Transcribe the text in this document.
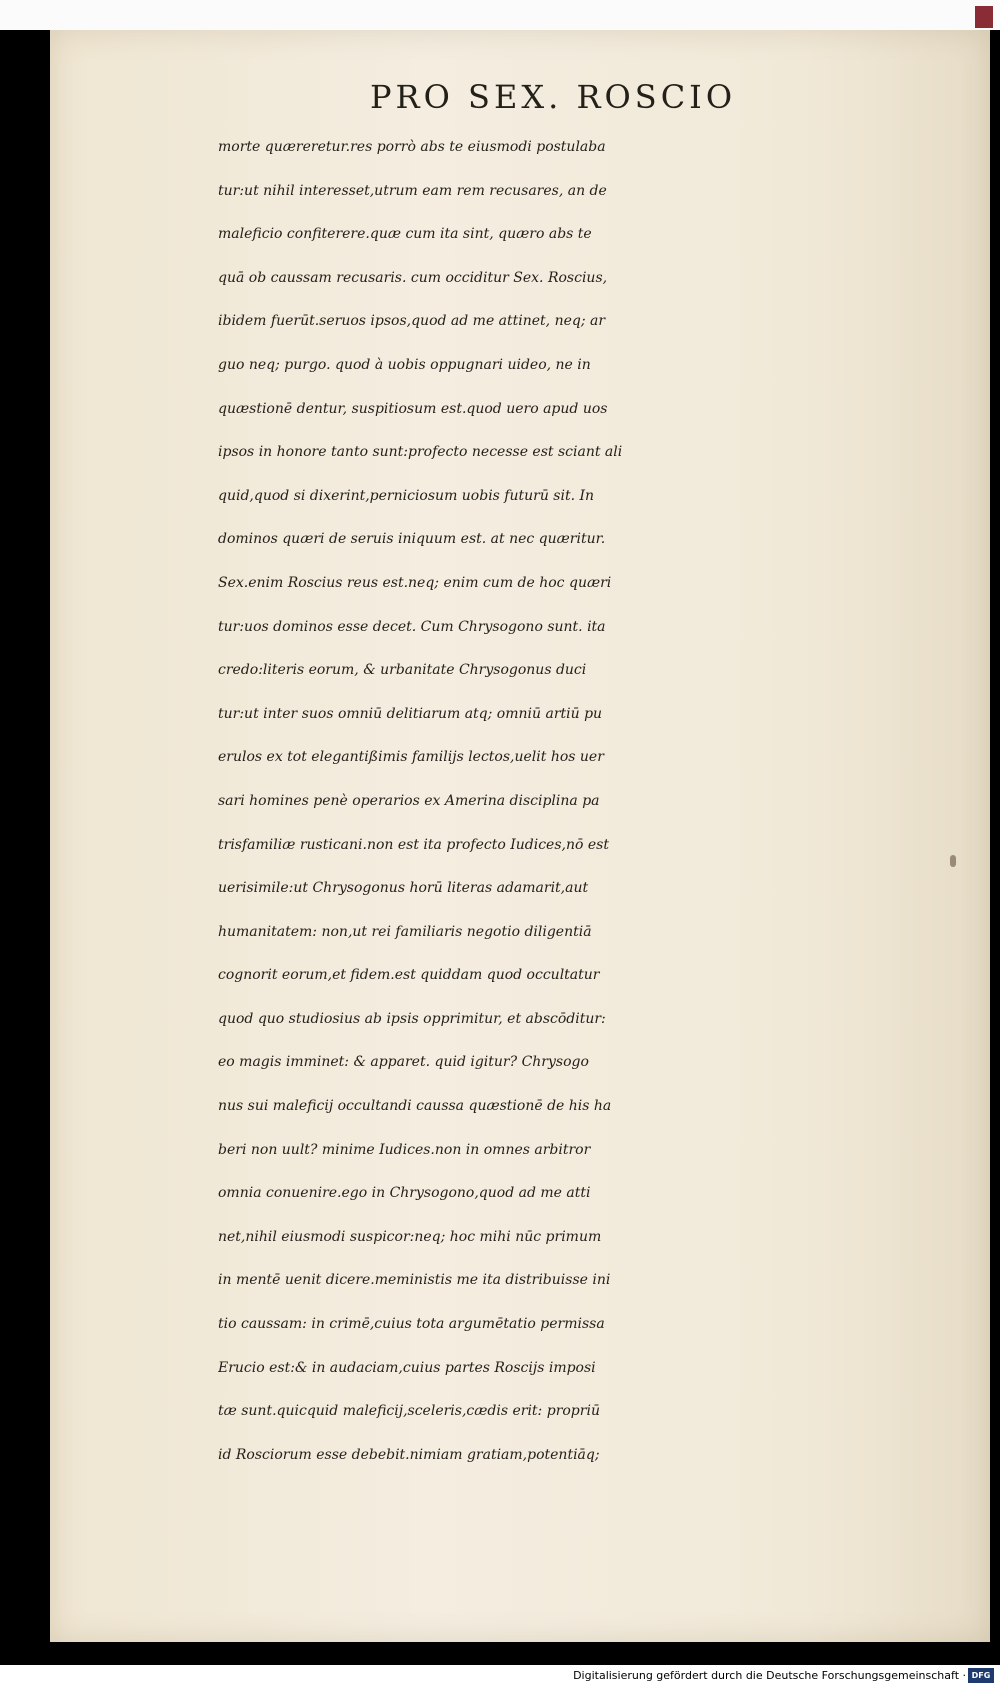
PRO SEX. ROSCIO
morte quæreretur.res porrò abs te eiusmodi postulaba
tur:ut nihil interesset,utrum eam rem recusares, an de
maleficio confiterere.quæ cum ita sint, quæro abs te
quā ob caussam recusaris. cum occiditur Sex. Roscius,
ibidem fuerūt.seruos ipsos,quod ad me attinet, neq; ar
guo neq; purgo. quod à uobis oppugnari uideo, ne in
quæstionē dentur, suspitiosum est.quod uero apud uos
ipsos in honore tanto sunt:profecto necesse est sciant ali
quid,quod si dixerint,perniciosum uobis futurū sit. In
dominos quæri de seruis iniquum est. at nec quæritur.
Sex.enim Roscius reus est.neq; enim cum de hoc quæri
tur:uos dominos esse decet. Cum Chrysogono sunt. ita
credo:literis eorum, & urbanitate Chrysogonus duci
tur:ut inter suos omniū delitiarum atq; omniū artiū pu
erulos ex tot elegantißimis familijs lectos,uelit hos uer
sari homines penè operarios ex Amerina disciplina pa
trisfamiliæ rusticani.non est ita profecto Iudices,nō est
uerisimile:ut Chrysogonus horū literas adamarit,aut
humanitatem: non,ut rei familiaris negotio diligentiā
cognorit eorum,et fidem.est quiddam quod occultatur
quod quo studiosius ab ipsis opprimitur, et abscōditur:
eo magis imminet: & apparet. quid igitur? Chrysogo
nus sui maleficij occultandi caussa quæstionē de his ha
beri non uult? minime Iudices.non in omnes arbitror
omnia conuenire.ego in Chrysogono,quod ad me atti
net,nihil eiusmodi suspicor:neq; hoc mihi nūc primum
in mentē uenit dicere.meministis me ita distribuisse ini
tio caussam: in crimē,cuius tota argumētatio permissa
Erucio est:& in audaciam,cuius partes Roscijs imposi
tæ sunt.quicquid maleficij,sceleris,cædis erit: propriū
id Rosciorum esse debebit.nimiam gratiam,potentiāq;
Digitalisierung gefördert durch die Deutsche Forschungsgemeinschaft · DFG
